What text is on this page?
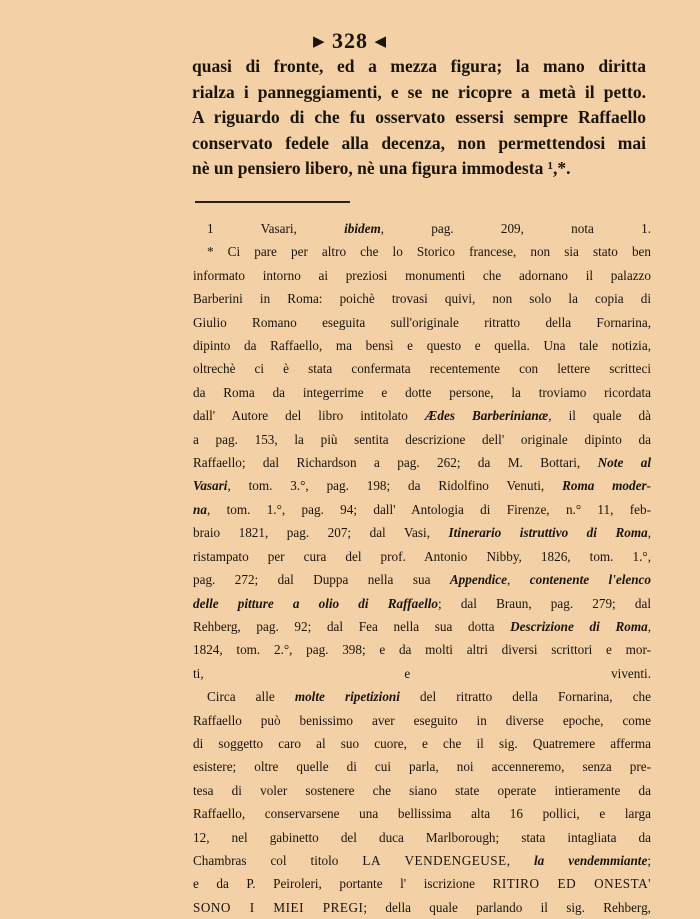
▶ 328 ◀
quasi di fronte, ed a mezza figura; la mano diritta
rialza i panneggiamenti, e se ne ricopre a metà il petto.
A riguardo di che fu osservato essersi sempre Raffaello
conservato fedele alla decenza, non permettendosi mai
nè un pensiero libero, nè una figura immodesta ¹,*.
1 Vasari, ibidem, pag. 209, nota 1.
* Ci pare per altro che lo Storico francese, non sia stato ben
informato intorno ai preziosi monumenti che adornano il palazzo
Barberini in Roma: poichè trovasi quivi, non solo la copia di
Giulio Romano eseguita sull'originale ritratto della Fornarina,
dipinto da Raffaello, ma bensì e questo e quella. Una tale notizia,
oltrechè ci è stata confermata recentemente con lettere scritteci
da Roma da integerrime e dotte persone, la troviamo ricordata
dall' Autore del libro intitolato Ædes Barberinianæ, il quale dà
a pag. 153, la più sentita descrizione dell' originale dipinto da
Raffaello; dal Richardson a pag. 262; da M. Bottari, Note al
Vasari, tom. 3.°, pag. 198; da Ridolfino Venuti, Roma moder-
na, tom. 1.°, pag. 94; dall' Antologia di Firenze, n.° 11, feb-
braio 1821, pag. 207; dal Vasi, Itinerario istruttivo di Roma,
ristampato per cura del prof. Antonio Nibby, 1826, tom. 1.°,
pag. 272; dal Duppa nella sua Appendice, contenente l'elenco
delle pitture a olio di Raffaello; dal Braun, pag. 279; dal
Rehberg, pag. 92; dal Fea nella sua dotta Descrizione di Roma,
1824, tom. 2.°, pag. 398; e da molti altri diversi scrittori e mor-
ti, e viventi.
Circa alle molte ripetizioni del ritratto della Fornarina, che
Raffaello può benissimo aver eseguito in diverse epoche, come
di soggetto caro al suo cuore, e che il sig. Quatremere afferma
esistere; oltre quelle di cui parla, noi accenneremo, senza pre-
tesa di voler sostenere che siano state operate intieramente da
Raffaello, conservarsene una bellissima alta 16 pollici, e larga
12, nel gabinetto del duca Marlborough; stata intagliata da
Chambras col titolo LA VENDENGEUSE, la vendemmiante;
e da P. Peiroleri, portante l' iscrizione RITIRO ED ONESTA'
SONO I MIEI PREGI; della quale parlando il sig. Rehberg,
